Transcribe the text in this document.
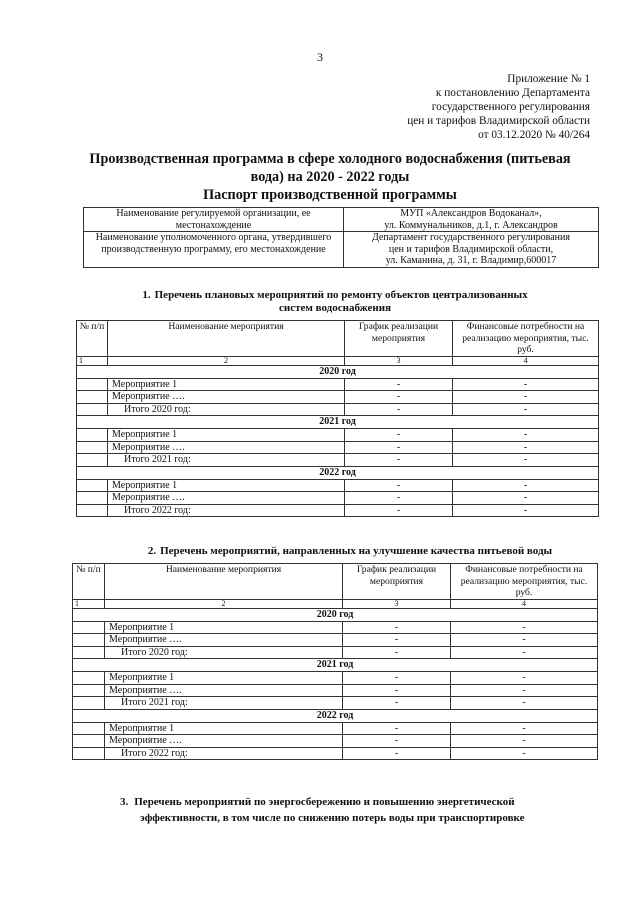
3
Приложение № 1
к постановлению Департамента
государственного регулирования
цен и тарифов Владимирской области
от 03.12.2020 № 40/264
Производственная программа в сфере холодного водоснабжения (питьевая
вода) на 2020 - 2022 годы
Паспорт производственной программы
Наименование регулируемой организации, ее местонахождение	МУП «Александров Водоканал»,
ул. Коммунальников, д.1, г. Александров

Наименование уполномоченного органа, утвердившего производственную программу, его местонахождение	Департамент государственного регулирования
цен и тарифов Владимирской области,
ул. Каманина, д. 31, г. Владимир,600017
1. Перечень плановых мероприятий по ремонту объектов централизованных
систем водоснабжения
№ п/п	Наименование мероприятия	График реализации мероприятия	Финансовые потребности на реализацию мероприятия, тыс. руб.
1	2	3	4
2020 год			
	Мероприятие 1	-	-
	Мероприятие ….	-	-
	Итого 2020 год:	-	-
2021 год			
	Мероприятие 1	-	-
	Мероприятие ….	-	-
	Итого 2021 год:	-	-
2022 год			
	Мероприятие 1	-	-
	Мероприятие ….	-	-
	Итого 2022 год:	-	-
2. Перечень мероприятий, направленных на улучшение качества питьевой воды
№ п/п	Наименование мероприятия	График реализации мероприятия	Финансовые потребности на реализацию мероприятия, тыс. руб.
1	2	3	4
2020 год			
	Мероприятие 1	-	-
	Мероприятие ….	-	-
	Итого 2020 год:	-	-
2021 год			
	Мероприятие 1	-	-
	Мероприятие ….	-	-
	Итого 2021 год:	-	-
2022 год			
	Мероприятие 1	-	-
	Мероприятие ….	-	-
	Итого 2022 год:	-	-
3. Перечень мероприятий по энергосбережению и повышению энергетической
эффективности, в том числе по снижению потерь воды при транспортировке
